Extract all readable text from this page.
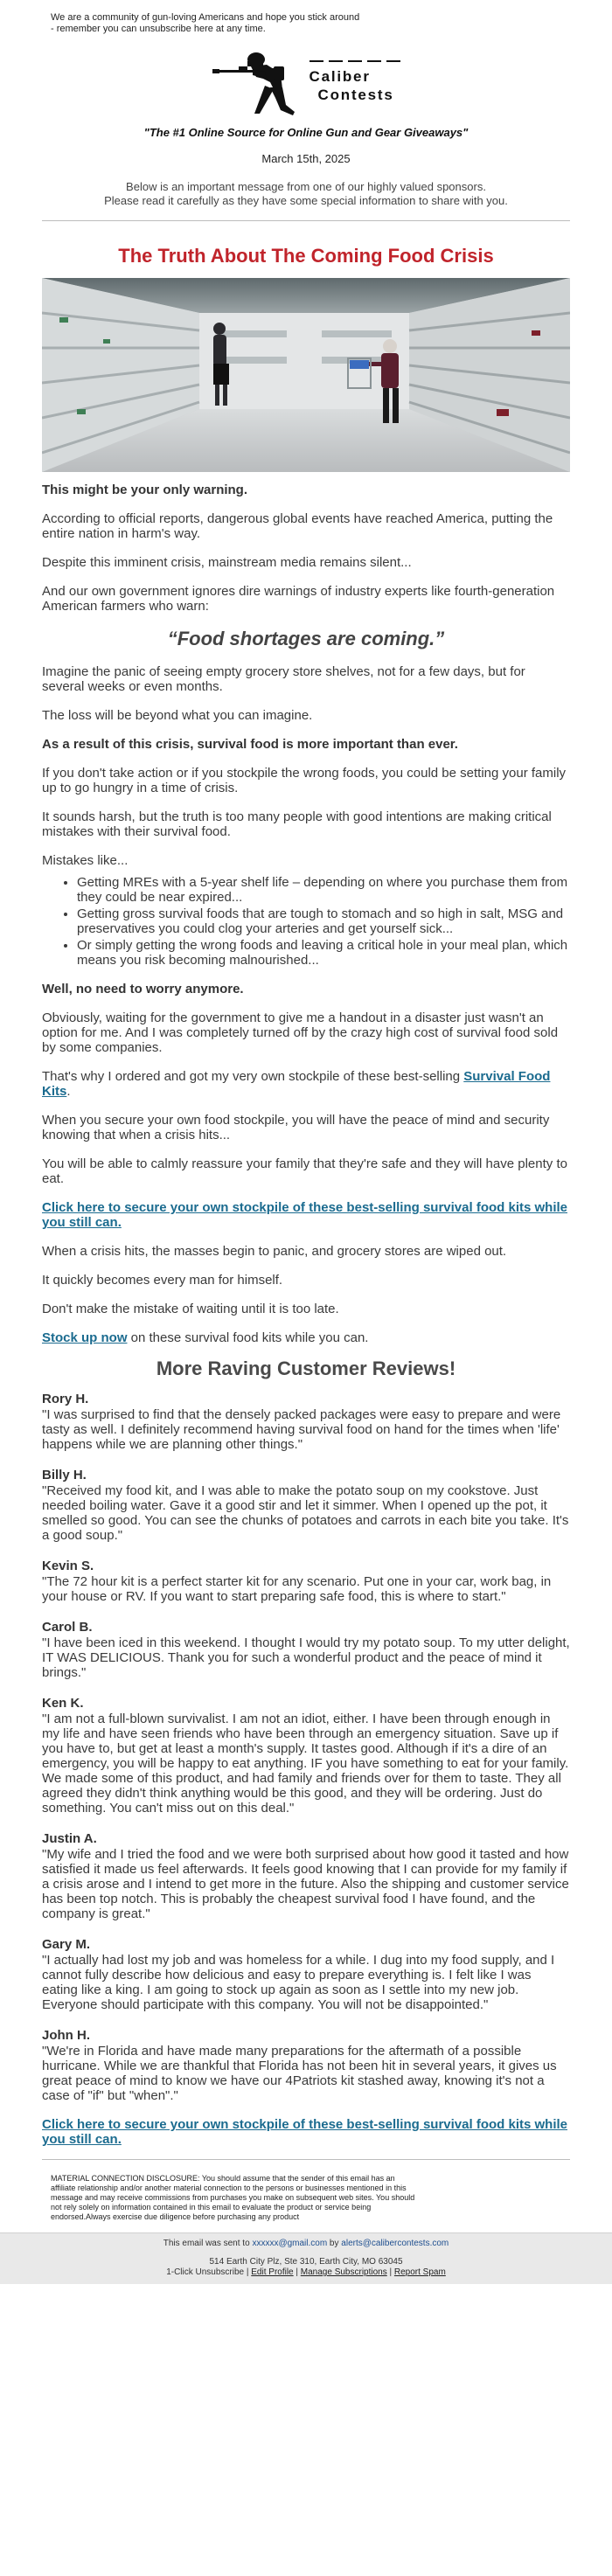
We are a community of gun-loving Americans and hope you stick around
- remember you can unsubscribe here at any time.
Caliber
Contests
"The #1 Online Source for Online Gun and Gear Giveaways"
March 15th, 2025
Below is an important message from one of our highly valued sponsors.
Please read it carefully as they have some special information to share with you.
The Truth About The Coming Food Crisis

This might be your only warning.

According to official reports, dangerous global events have reached America, putting the entire nation in harm's way.

Despite this imminent crisis, mainstream media remains silent...

And our own government ignores dire warnings of industry experts like fourth-generation American farmers who warn:

“Food shortages are coming.”

Imagine the panic of seeing empty grocery store shelves, not for a few days, but for several weeks or even months.

The loss will be beyond what you can imagine.

As a result of this crisis, survival food is more important than ever.

If you don't take action or if you stockpile the wrong foods, you could be setting your family up to go hungry in a time of crisis.

It sounds harsh, but the truth is too many people with good intentions are making critical mistakes with their survival food.

Mistakes like...

• Getting MREs with a 5-year shelf life – depending on where you purchase them from they could be near expired...
• Getting gross survival foods that are tough to stomach and so high in salt, MSG and preservatives you could clog your arteries and get yourself sick...
• Or simply getting the wrong foods and leaving a critical hole in your meal plan, which means you risk becoming malnourished...

Well, no need to worry anymore.

Obviously, waiting for the government to give me a handout in a disaster just wasn't an option for me. And I was completely turned off by the crazy high cost of survival food sold by some companies.

That's why I ordered and got my very own stockpile of these best-selling Survival Food Kits.

When you secure your own food stockpile, you will have the peace of mind and security knowing that when a crisis hits...

You will be able to calmly reassure your family that they're safe and they will have plenty to eat.

Click here to secure your own stockpile of these best-selling survival food kits while you still can.

When a crisis hits, the masses begin to panic, and grocery stores are wiped out.

It quickly becomes every man for himself.

Don't make the mistake of waiting until it is too late.

Stock up now on these survival food kits while you can.

More Raving Customer Reviews!
Rory H.
"I was surprised to find that the densely packed packages were easy to prepare and were tasty as well. I definitely recommend having survival food on hand for the times when 'life' happens while we are planning other things."
Billy H.
"Received my food kit, and I was able to make the potato soup on my cookstove. Just needed boiling water. Gave it a good stir and let it simmer. When I opened up the pot, it smelled so good. You can see the chunks of potatoes and carrots in each bite you take. It's a good soup."
Kevin S.
"The 72 hour kit is a perfect starter kit for any scenario. Put one in your car, work bag, in your house or RV. If you want to start preparing safe food, this is where to start."
Carol B.
"I have been iced in this weekend. I thought I would try my potato soup. To my utter delight, IT WAS DELICIOUS. Thank you for such a wonderful product and the peace of mind it brings."
Ken K.
"I am not a full-blown survivalist. I am not an idiot, either. I have been through enough in my life and have seen friends who have been through an emergency situation. Save up if you have to, but get at least a month's supply. It tastes good. Although if it's a dire of an emergency, you will be happy to eat anything. IF you have something to eat for your family. We made some of this product, and had family and friends over for them to taste. They all agreed they didn't think anything would be this good, and they will be ordering. Just do something. You can't miss out on this deal."
Justin A.
"My wife and I tried the food and we were both surprised about how good it tasted and how satisfied it made us feel afterwards. It feels good knowing that I can provide for my family if a crisis arose and I intend to get more in the future. Also the shipping and customer service has been top notch. This is probably the cheapest survival food I have found, and the company is great."
Gary M.
"I actually had lost my job and was homeless for a while. I dug into my food supply, and I cannot fully describe how delicious and easy to prepare everything is. I felt like I was eating like a king. I am going to stock up again as soon as I settle into my new job. Everyone should participate with this company. You will not be disappointed."
John H.
"We're in Florida and have made many preparations for the aftermath of a possible hurricane. While we are thankful that Florida has not been hit in several years, it gives us great peace of mind to know we have our 4Patriots kit stashed away, knowing it's not a case of "if" but "when"."
Click here to secure your own stockpile of these best-selling survival food kits while you still can.
MATERIAL CONNECTION DISCLOSURE: You should assume that the sender of this email has an affiliate relationship and/or another material connection to the persons or businesses mentioned in this message and may receive commissions from purchases you make on subsequent web sites. You should not rely solely on information contained in this email to evaluate the product or service being endorsed.Always exercise due diligence before purchasing any product
This email was sent to xxxxxx@gmail.com by alerts@calibercontests.com
514 Earth City Plz, Ste 310, Earth City, MO 63045
1-Click Unsubscribe | Edit Profile | Manage Subscriptions | Report Spam
